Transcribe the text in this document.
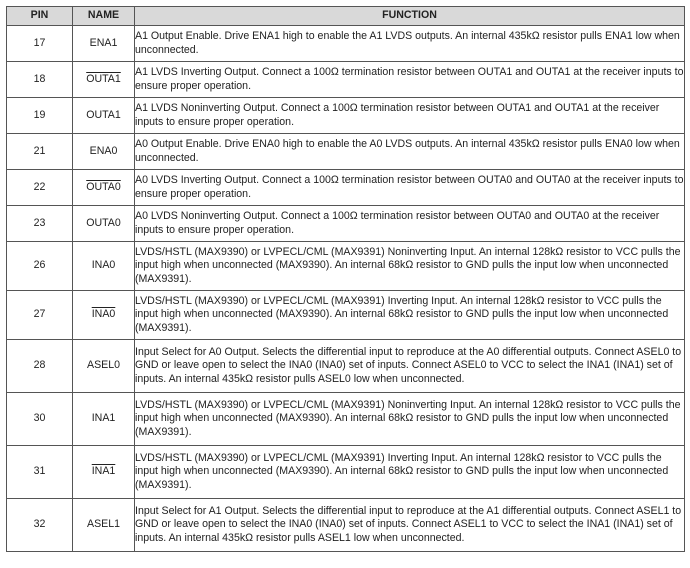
PIN	NAME	FUNCTION
17	ENA1	A1 Output Enable. Drive ENA1 high to enable the A1 LVDS outputs. An internal 435kΩ resistor pulls ENA1 low when unconnected.
18	OUTA1	A1 LVDS Inverting Output. Connect a 100Ω termination resistor between OUTA1 and OUTA1 at the receiver inputs to ensure proper operation.
19	OUTA1	A1 LVDS Noninverting Output. Connect a 100Ω termination resistor between OUTA1 and OUTA1 at the receiver inputs to ensure proper operation.
21	ENA0	A0 Output Enable. Drive ENA0 high to enable the A0 LVDS outputs. An internal 435kΩ resistor pulls ENA0 low when unconnected.
22	OUTA0	A0 LVDS Inverting Output. Connect a 100Ω termination resistor between OUTA0 and OUTA0 at the receiver inputs to ensure proper operation.
23	OUTA0	A0 LVDS Noninverting Output. Connect a 100Ω termination resistor between OUTA0 and OUTA0 at the receiver inputs to ensure proper operation.
26	INA0	LVDS/HSTL (MAX9390) or LVPECL/CML (MAX9391) Noninverting Input. An internal 128kΩ resistor to VCC pulls the input high when unconnected (MAX9390). An internal 68kΩ resistor to GND pulls the input low when unconnected (MAX9391).
27	INA0	LVDS/HSTL (MAX9390) or LVPECL/CML (MAX9391) Inverting Input. An internal 128kΩ resistor to VCC pulls the input high when unconnected (MAX9390). An internal 68kΩ resistor to GND pulls the input low when unconnected (MAX9391).
28	ASEL0	Input Select for A0 Output. Selects the differential input to reproduce at the A0 differential outputs. Connect ASEL0 to GND or leave open to select the INA0 (INA0) set of inputs. Connect ASEL0 to VCC to select the INA1 (INA1) set of inputs. An internal 435kΩ resistor pulls ASEL0 low when unconnected.
30	INA1	LVDS/HSTL (MAX9390) or LVPECL/CML (MAX9391) Noninverting Input. An internal 128kΩ resistor to VCC pulls the input high when unconnected (MAX9390). An internal 68kΩ resistor to GND pulls the input low when unconnected (MAX9391).
31	INA1	LVDS/HSTL (MAX9390) or LVPECL/CML (MAX9391) Inverting Input. An internal 128kΩ resistor to VCC pulls the input high when unconnected (MAX9390). An internal 68kΩ resistor to GND pulls the input low when unconnected (MAX9391).
32	ASEL1	Input Select for A1 Output. Selects the differential input to reproduce at the A1 differential outputs. Connect ASEL1 to GND or leave open to select the INA0 (INA0) set of inputs. Connect ASEL1 to VCC to select the INA1 (INA1) set of inputs. An internal 435kΩ resistor pulls ASEL1 low when unconnected.
